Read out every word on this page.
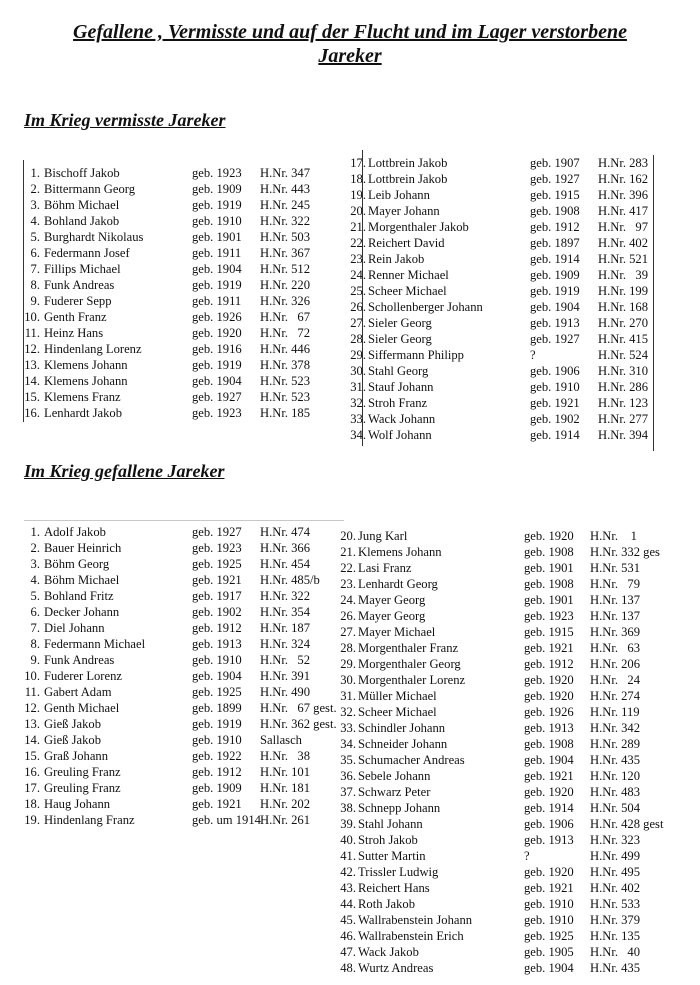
Gefallene , Vermisste und auf der Flucht und im Lager verstorbene
Jareker
Im Krieg vermisste Jareker
Im Krieg gefallene Jareker
1. Bischoff Jakob	geb. 1923 H.Nr. 347
2. Bittermann Georg	geb. 1909 H.Nr. 443
3. Böhm Michael	geb. 1919 H.Nr. 245
4. Bohland Jakob	geb. 1910 H.Nr. 322
5. Burghardt Nikolaus	geb. 1901 H.Nr. 503
6. Federmann Josef	geb. 1911 H.Nr. 367
7. Fillips Michael	geb. 1904 H.Nr. 512
8. Funk Andreas	geb. 1919 H.Nr. 220
9. Fuderer Sepp	geb. 1911 H.Nr. 326
10. Genth Franz	geb. 1926 H.Nr.   67
11. Heinz Hans	geb. 1920 H.Nr.   72
12. Hindenlang Lorenz	geb. 1916 H.Nr. 446
13. Klemens Johann	geb. 1919 H.Nr. 378
14. Klemens Johann	geb. 1904 H.Nr. 523
15. Klemens Franz	geb. 1927 H.Nr. 523
16. Lenhardt Jakob	geb. 1923 H.Nr. 185
17. Lottbrein Jakob	geb. 1907 H.Nr. 283
18. Lottbrein Jakob	geb. 1927 H.Nr. 162
19. Leib Johann	geb. 1915 H.Nr. 396
20. Mayer Johann	geb. 1908 H.Nr. 417
21. Morgenthaler Jakob	geb. 1912 H.Nr.   97
22. Reichert David	geb. 1897 H.Nr. 402
23. Rein Jakob	geb. 1914 H.Nr. 521
24. Renner Michael	geb. 1909 H.Nr.   39
25. Scheer Michael	geb. 1919 H.Nr. 199
26. Schollenberger Johann	geb. 1904 H.Nr. 168
27. Sieler Georg	geb. 1913 H.Nr. 270
28. Sieler Georg	geb. 1927 H.Nr. 415
29. Siffermann Philipp	?	H.Nr. 524
30. Stahl Georg	geb. 1906 H.Nr. 310
31. Stauf Johann	geb. 1910 H.Nr. 286
32. Stroh Franz	geb. 1921 H.Nr. 123
33. Wack Johann	geb. 1902 H.Nr. 277
34. Wolf Johann	geb. 1914 H.Nr. 394
1. Adolf Jakob	geb. 1927 H.Nr. 474
2. Bauer Heinrich	geb. 1923 H.Nr. 366
3. Böhm Georg	geb. 1925 H.Nr. 454
4. Böhm Michael	geb. 1921 H.Nr. 485/b
5. Bohland Fritz	geb. 1917 H.Nr. 322
6. Decker Johann	geb. 1902 H.Nr. 354
7. Diel Johann	geb. 1912 H.Nr. 187
8. Federmann Michael	geb. 1913 H.Nr. 324
9. Funk Andreas	geb. 1910 H.Nr.   52
10. Fuderer Lorenz	geb. 1904 H.Nr. 391
11. Gabert Adam	geb. 1925 H.Nr. 490
12. Genth Michael	geb. 1899 H.Nr.   67 gest.
13. Gieß Jakob	geb. 1919 H.Nr. 362 gest.
14. Gieß Jakob	geb. 1910 Sallasch
15. Graß Johann	geb. 1922 H.Nr.   38
16. Greuling Franz	geb. 1912 H.Nr. 101
17. Greuling Franz	geb. 1909 H.Nr. 181
18. Haug Johann	geb. 1921 H.Nr. 202
19. Hindenlang Franz	geb. um 1914 H.Nr. 261
20. Jung Karl	geb. 1920 H.Nr.    1
21. Klemens Johann	geb. 1908 H.Nr. 332 ges
22. Lasi Franz	geb. 1901 H.Nr. 531
23. Lenhardt Georg	geb. 1908 H.Nr.   79
24. Mayer Georg	geb. 1901 H.Nr. 137
26. Mayer Georg	geb. 1923 H.Nr. 137
27. Mayer Michael	geb. 1915 H.Nr. 369
28. Morgenthaler Franz	geb. 1921 H.Nr.   63
29. Morgenthaler Georg	geb. 1912 H.Nr. 206
30. Morgenthaler Lorenz	geb. 1920 H.Nr.   24
31. Müller Michael	geb. 1920 H.Nr. 274
32. Scheer Michael	geb. 1926 H.Nr. 119
33. Schindler Johann	geb. 1913 H.Nr. 342
34. Schneider Johann	geb. 1908 H.Nr. 289
35. Schumacher Andreas	geb. 1904 H.Nr. 435
36. Sebele Johann	geb. 1921 H.Nr. 120
37. Schwarz Peter	geb. 1920 H.Nr. 483
38. Schnepp Johann	geb. 1914 H.Nr. 504
39. Stahl Johann	geb. 1906 H.Nr. 428 gest
40. Stroh Jakob	geb. 1913 H.Nr. 323
41. Sutter Martin	?	H.Nr. 499
42. Trissler Ludwig	geb. 1920 H.Nr. 495
43. Reichert Hans	geb. 1921 H.Nr. 402
44. Roth Jakob	geb. 1910 H.Nr. 533
45. Wallrabenstein Johann	geb. 1910 H.Nr. 379
46. Wallrabenstein Erich	geb. 1925 H.Nr. 135
47. Wack Jakob	geb. 1905 H.Nr.   40
48. Wurtz Andreas	geb. 1904 H.Nr. 435
